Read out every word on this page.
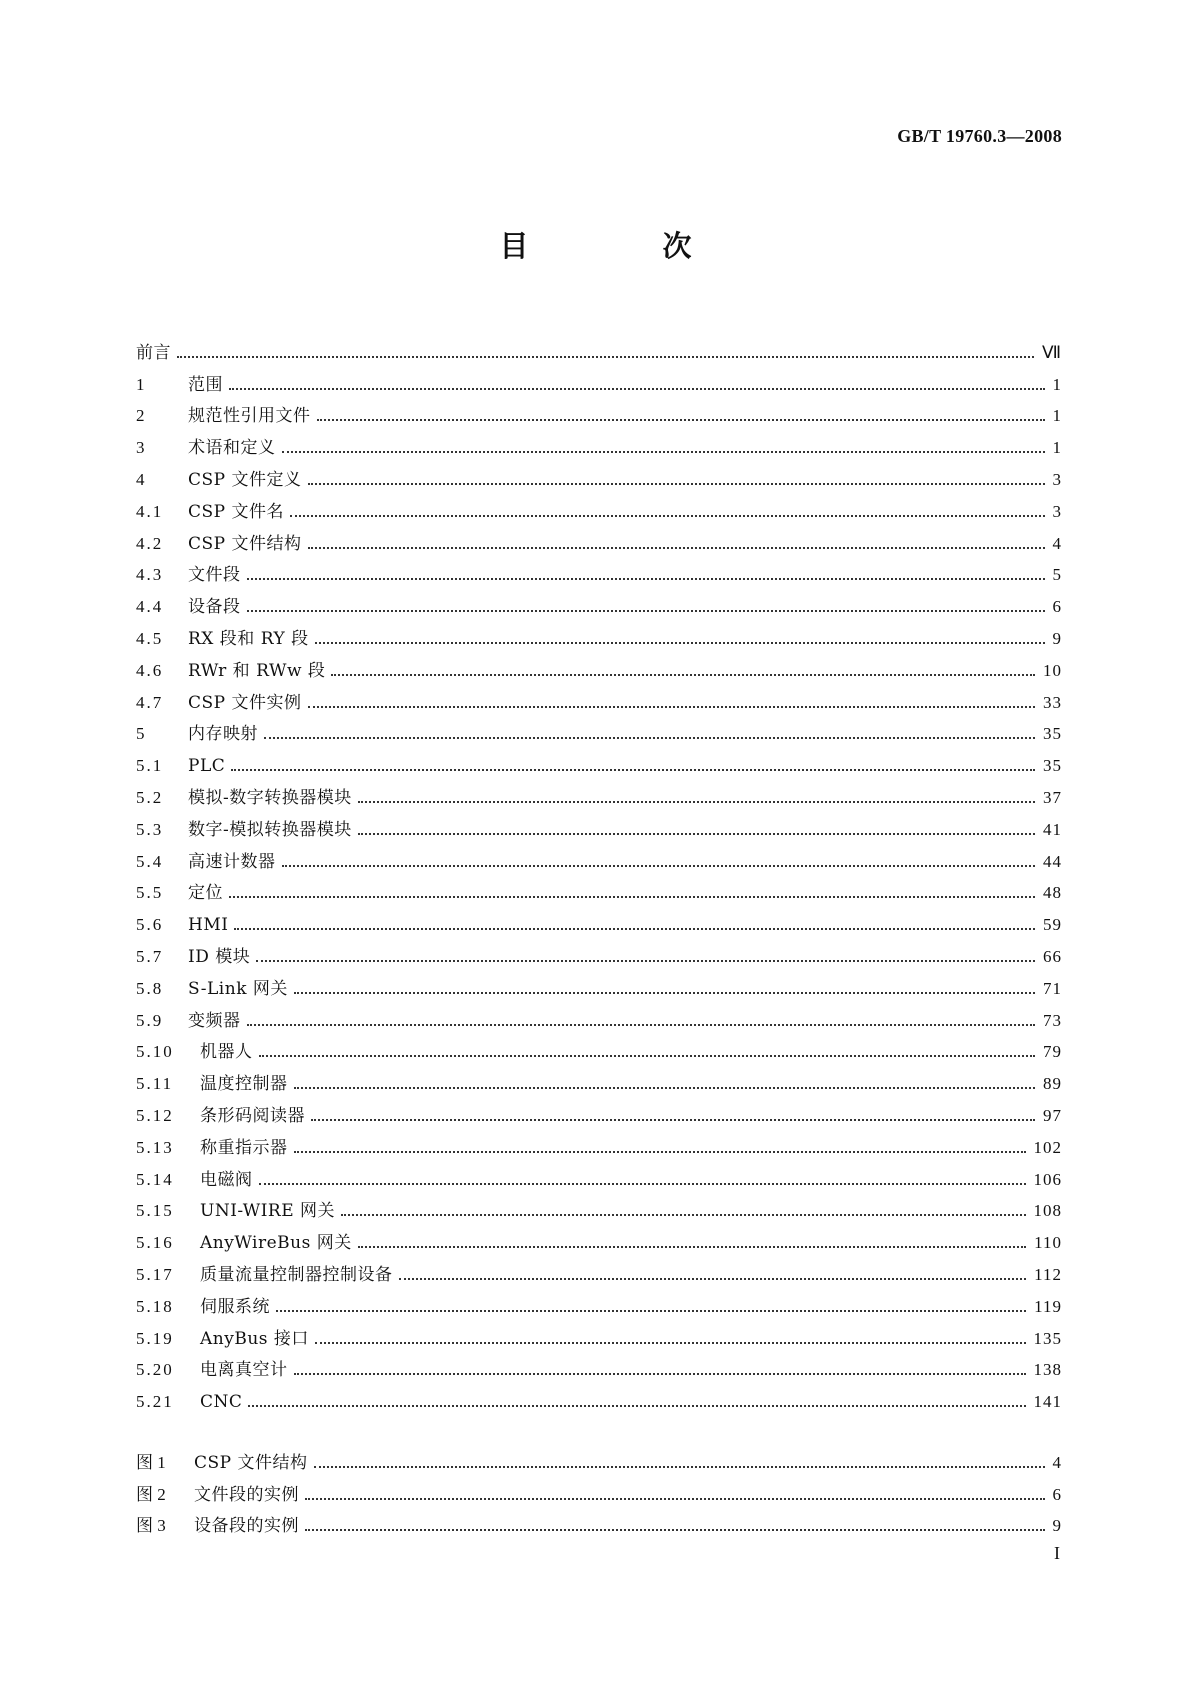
GB/T 19760.3—2008
目 次
前言	Ⅶ
1	范围	1
2	规范性引用文件	1
3	术语和定义	1
4	CSP 文件定义	3
4.1	CSP 文件名	3
4.2	CSP 文件结构	4
4.3	文件段	5
4.4	设备段	6
4.5	RX 段和 RY 段	9
4.6	RWr 和 RWw 段	10
4.7	CSP 文件实例	33
5	内存映射	35
5.1	PLC	35
5.2	模拟-数字转换器模块	37
5.3	数字-模拟转换器模块	41
5.4	高速计数器	44
5.5	定位	48
5.6	HMI	59
5.7	ID 模块	66
5.8	S-Link 网关	71
5.9	变频器	73
5.10	机器人	79
5.11	温度控制器	89
5.12	条形码阅读器	97
5.13	称重指示器	102
5.14	电磁阀	106
5.15	UNI-WIRE 网关	108
5.16	AnyWireBus 网关	110
5.17	质量流量控制器控制设备	112
5.18	伺服系统	119
5.19	AnyBus 接口	135
5.20	电离真空计	138
5.21	CNC	141
图 1	CSP 文件结构	4
图 2	文件段的实例	6
图 3	设备段的实例	9
I
